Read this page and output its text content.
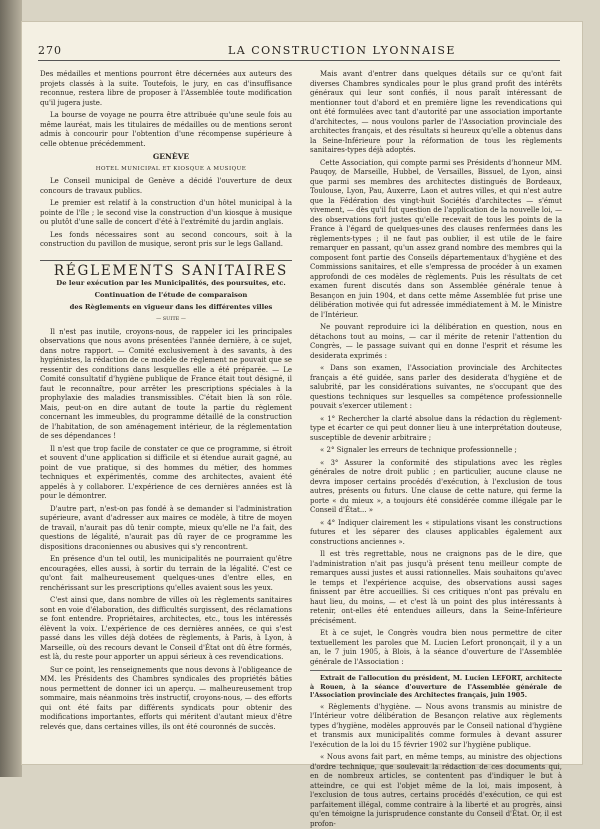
270	LA CONSTRUCTION LYONNAISE

Des médailles et mentions pourront être décernées aux auteurs des projets classés à la suite. Toutefois, le jury, en cas d'insuffisance reconnue, restera libre de proposer à l'Assemblée toute modification qu'il jugera juste.

La bourse de voyage ne pourra être attribuée qu'une seule fois au même lauréat, mais les titulaires de médailles ou de mentions seront admis à concourir pour l'obtention d'une récompense supérieure à celle obtenue précédemment.

GENÈVE

HOTEL MUNICIPAL ET KIOSQUE A MUSIQUE

Le Conseil municipal de Genève a décidé l'ouverture de deux concours de travaux publics.

Le premier est relatif à la construction d'un hôtel municipal à la pointe de l'île ; le second vise la construction d'un kiosque à musique ou plutôt d'une salle de concert d'été à l'extrémité du jardin anglais.

Les fonds nécessaires sont au second concours, soit à la construction du pavillon de musique, seront pris sur le legs Galland.

RÉGLEMENTS SANITAIRES

De leur exécution par les Municipalités, des poursuites, etc.

Continuation de l'étude de comparaison

des Règlements en vigueur dans les différentes villes

— SUITE —

Il n'est pas inutile, croyons-nous, de rappeler ici les principales observations que nous avons présentées l'année dernière, à ce sujet, dans notre rapport. — Comité exclusivement à des savants, à des hygiénistes, la rédaction de ce modèle de règlement ne pouvait que se ressentir des conditions dans lesquelles elle a été préparée. — Le Comité consultatif d'hygiène publique de France était tout désigné, il faut le reconnaître, pour arrêter les prescriptions spéciales à la prophylaxie des maladies transmissibles. C'était bien là son rôle. Mais, peut-on en dire autant de toute la partie du règlement concernant les immeubles, du programme détaillé de la construction de l'habitation, de son aménagement intérieur, de la réglementation de ses dépendances !

Il n'est que trop facile de constater ce que ce programme, si étroit et souvent d'une application si difficile et si étendue aurait gagné, au point de vue pratique, si des hommes du métier, des hommes techniques et expérimentés, comme des architectes, avaient été appelés à y collaborer. L'expérience de ces dernières années est là pour le démontrer.

D'autre part, n'est-on pas fondé à se demander si l'administration supérieure, avant d'adresser aux maires ce modèle, à titre de moyen de travail, n'aurait pas dû tenir compte, mieux qu'elle ne l'a fait, des questions de légalité, n'aurait pas dû rayer de ce programme les dispositions draconiennes ou abusives qui s'y rencontrent.

En présence d'un tel outil, les municipalités ne pourraient qu'être encouragées, elles aussi, à sortir du terrain de la légalité. C'est ce qu'ont fait malheureusement quelques-unes d'entre elles, en renchérissant sur les prescriptions qu'elles avaient sous les yeux.

C'est ainsi que, dans nombre de villes où les règlements sanitaires sont en voie d'élaboration, des difficultés surgissent, des réclamations se font entendre. Propriétaires, architectes, etc., tous les intéressés élèvent la voix. L'expérience de ces dernières années, ce qui s'est passé dans les villes déjà dotées de règlements, à Paris, à Lyon, à Marseille, où des recours devant le Conseil d'État ont dû être formés, est là, du reste pour apporter un appui sérieux à ces revendications.

Sur ce point, les renseignements que nous devons à l'obligeance de MM. les Présidents des Chambres syndicales des propriétés bâties nous permettent de donner ici un aperçu. — malheureusement trop sommaire, mais néanmoins très instructif, croyons-nous, — des efforts qui ont été faits par différents syndicats pour obtenir des modifications importantes, efforts qui méritent d'autant mieux d'être relevés que, dans certaines villes, ils ont été couronnés de succès.

Mais avant d'entrer dans quelques détails sur ce qu'ont fait diverses Chambres syndicales pour le plus grand profit des intérêts généraux qui leur sont confiés, il nous paraît intéressant de mentionner tout d'abord et en première ligne les revendications qui ont été formulées avec tant d'autorité par une association importante d'architectes, — nous voulons parler de l'Association provinciale des architectes français, et des résultats si heureux qu'elle a obtenus dans la Seine-Inférieure pour la réformation de tous les règlements sanitaires-types déjà adoptés.

Cette Association, qui compte parmi ses Présidents d'honneur MM. Pauqoy, de Marseille, Hubbel, de Versailles, Bissuel, de Lyon, ainsi que parmi ses membres des architectes distingués de Bordeaux, Toulouse, Lyon, Pau, Auxerre, Laon et autres villes, et qui n'est autre que la Fédération des vingt-huit Sociétés d'architectes — s'émut vivement, — dès qu'il fut question de l'application de la nouvelle loi, — des observations fort justes qu'elle recevait de tous les points de la France à l'égard de quelques-unes des clauses renfermées dans les règlements-types ; il ne faut pas oublier, il est utile de le faire remarquer en passant, qu'un assez grand nombre des membres qui la composent font partie des Conseils départementaux d'hygiène et des Commissions sanitaires, et elle s'empressa de procéder à un examen approfondi de ces modèles de règlements. Puis les résultats de cet examen furent discutés dans son Assemblée générale tenue à Besançon en juin 1904, et dans cette même Assemblée fut prise une délibération motivée qui fut adressée immédiatement à M. le Ministre de l'Intérieur.

Ne pouvant reproduire ici la délibération en question, nous en détachons tout au moins, — car il mérite de retenir l'attention du Congrès, — le passage suivant qui en donne l'esprit et résume les desiderata exprimés :

« Dans son examen, l'Association provinciale des Architectes français a été guidée, sans parler des desiderata d'hygiène et de salubrité, par les considérations suivantes, ne s'occupant que des questions techniques sur lesquelles sa compétence professionnelle pouvait s'exercer utilement :

« 1° Rechercher la clarté absolue dans la rédaction du règlement-type et écarter ce qui peut donner lieu à une interprétation douteuse, susceptible de devenir arbitraire ;

« 2° Signaler les erreurs de technique professionnelle ;

« 3° Assurer la conformité des stipulations avec les règles générales de notre droit public ; en particulier, aucune clause ne devra imposer certains procédés d'exécution, à l'exclusion de tous autres, présents ou futurs. Une clause de cette nature, qui ferme la porte « du mieux », a toujours été considérée comme illégale par le Conseil d'État... »

« 4° Indiquer clairement les « stipulations visant les constructions futures et les séparer des clauses applicables également aux constructions anciennes ».

Il est très regrettable, nous ne craignons pas de le dire, que l'administration n'ait pas jusqu'à présent tenu meilleur compte de remarques aussi justes et aussi rationnelles. Mais souhaitons qu'avec le temps et l'expérience acquise, des observations aussi sages finissent par être accueillies. Si ces critiques n'ont pas prévalu en haut lieu, du moins, — et c'est là un point des plus intéressants à retenir, ont-elles été entendues ailleurs, dans la Seine-Inférieure précisément.

Et à ce sujet, le Congrès voudra bien nous permettre de citer textuellement les paroles que M. Lucien Lefort prononçait, il y a un an, le 7 juin 1905, à Blois, à la séance d'ouverture de l'Assemblée générale de l'Association :

Extrait de l'allocution du président, M. Lucien LEFORT, architecte à Rouen, à la séance d'ouverture de l'Assemblée générale de l'Association provinciale des Architectes français, juin 1905.

« Règlements d'hygiène. — Nous avons transmis au ministre de l'Intérieur votre délibération de Besançon relative aux règlements types d'hygiène, modèles approuvés par le Conseil national d'hygiène et transmis aux municipalités comme formules à devant assurer l'exécution de la loi du 15 février 1902 sur l'hygiène publique.

« Nous avons fait part, en même temps, au ministre des objections d'ordre technique, que soulevait la rédaction de ces documents qui, en de nombreux articles, se contentent pas d'indiquer le but à atteindre, ce qui est l'objet même de la loi, mais imposent, à l'exclusion de tous autres, certains procédés d'exécution, ce qui est parfaitement illégal, comme contraire à la liberté et au progrès, ainsi qu'en témoigne la jurisprudence constante du Conseil d'État. Or, il est profon-
